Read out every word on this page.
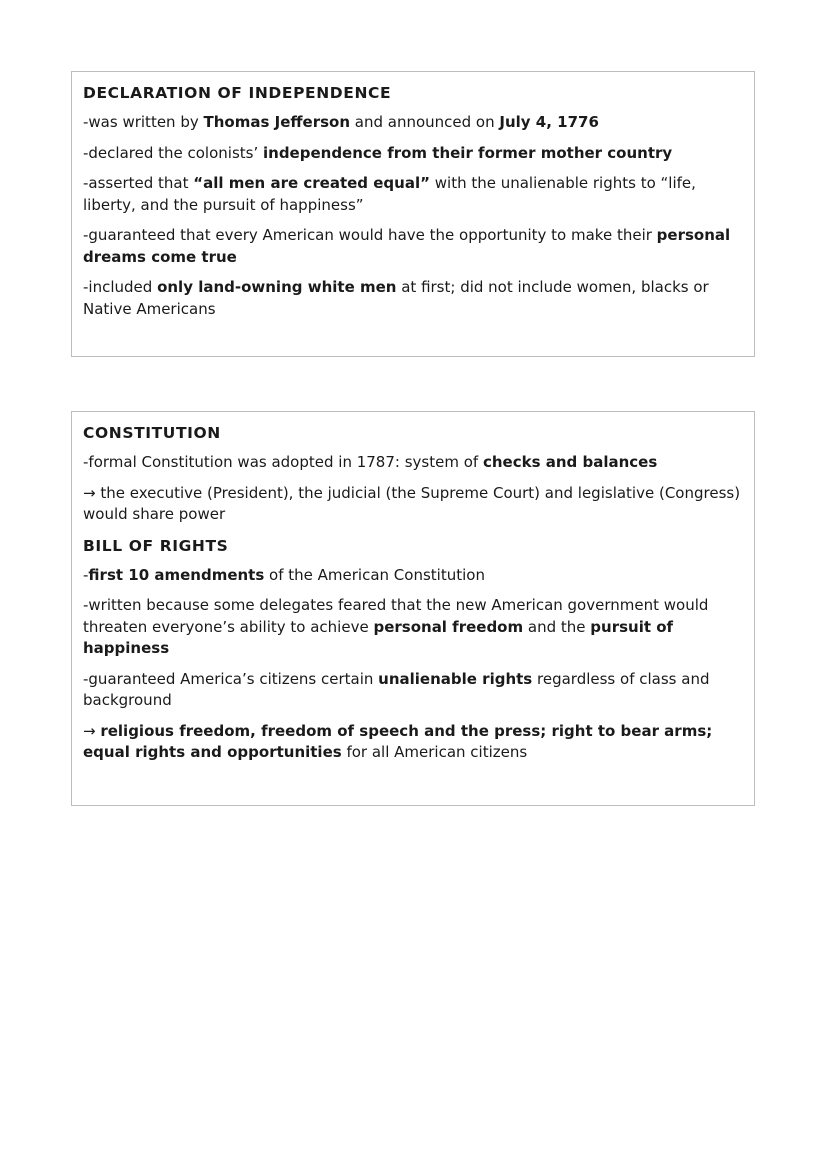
DECLARATION OF INDEPENDENCE
-was written by Thomas Jefferson and announced on July 4, 1776
-declared the colonists’ independence from their former mother country
-asserted that “all men are created equal” with the unalienable rights to “life, liberty, and the pursuit of happiness”
-guaranteed that every American would have the opportunity to make their personal dreams come true
-included only land-owning white men at first; did not include women, blacks or Native Americans
CONSTITUTION
-formal Constitution was adopted in 1787: system of checks and balances
→ the executive (President), the judicial (the Supreme Court) and legislative (Congress) would share power
BILL OF RIGHTS
-first 10 amendments of the American Constitution
-written because some delegates feared that the new American government would threaten everyone’s ability to achieve personal freedom and the pursuit of happiness
-guaranteed America’s citizens certain unalienable rights regardless of class and background
→ religious freedom, freedom of speech and the press; right to bear arms; equal rights and opportunities for all American citizens
